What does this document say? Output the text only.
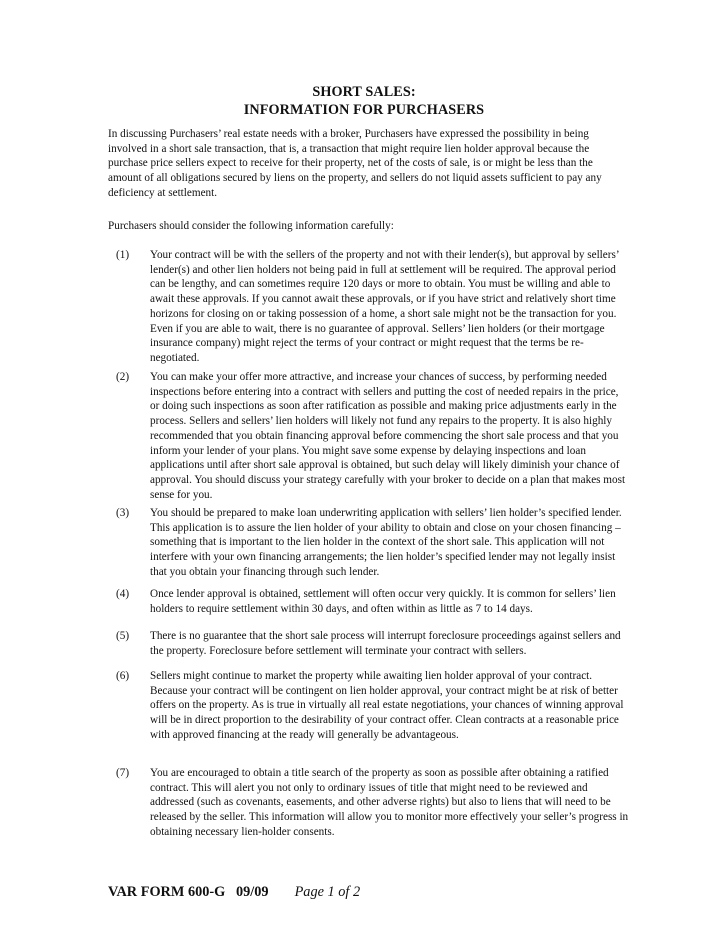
SHORT SALES:
INFORMATION FOR PURCHASERS

In discussing Purchasers’ real estate needs with a broker, Purchasers have expressed the possibility in being involved in a short sale transaction, that is, a transaction that might require lien holder approval because the purchase price sellers expect to receive for their property, net of the costs of sale, is or might be less than the amount of all obligations secured by liens on the property, and sellers do not liquid assets sufficient to pay any deficiency at settlement.

Purchasers should consider the following information carefully:

(1) Your contract will be with the sellers of the property and not with their lender(s), but approval by sellers’ lender(s) and other lien holders not being paid in full at settlement will be required. The approval period can be lengthy, and can sometimes require 120 days or more to obtain. You must be willing and able to await these approvals. If you cannot await these approvals, or if you have strict and relatively short time horizons for closing on or taking possession of a home, a short sale might not be the transaction for you. Even if you are able to wait, there is no guarantee of approval. Sellers’ lien holders (or their mortgage insurance company) might reject the terms of your contract or might request that the terms be re-negotiated.

(2) You can make your offer more attractive, and increase your chances of success, by performing needed inspections before entering into a contract with sellers and putting the cost of needed repairs in the price, or doing such inspections as soon after ratification as possible and making price adjustments early in the process. Sellers and sellers’ lien holders will likely not fund any repairs to the property. It is also highly recommended that you obtain financing approval before commencing the short sale process and that you inform your lender of your plans. You might save some expense by delaying inspections and loan applications until after short sale approval is obtained, but such delay will likely diminish your chance of approval. You should discuss your strategy carefully with your broker to decide on a plan that makes most sense for you.

(3) You should be prepared to make loan underwriting application with sellers’ lien holder’s specified lender. This application is to assure the lien holder of your ability to obtain and close on your chosen financing – something that is important to the lien holder in the context of the short sale. This application will not interfere with your own financing arrangements; the lien holder’s specified lender may not legally insist that you obtain your financing through such lender.

(4) Once lender approval is obtained, settlement will often occur very quickly. It is common for sellers’ lien holders to require settlement within 30 days, and often within as little as 7 to 14 days.

(5) There is no guarantee that the short sale process will interrupt foreclosure proceedings against sellers and the property. Foreclosure before settlement will terminate your contract with sellers.

(6) Sellers might continue to market the property while awaiting lien holder approval of your contract. Because your contract will be contingent on lien holder approval, your contract might be at risk of better offers on the property. As is true in virtually all real estate negotiations, your chances of winning approval will be in direct proportion to the desirability of your contract offer. Clean contracts at a reasonable price with approved financing at the ready will generally be advantageous.

(7) You are encouraged to obtain a title search of the property as soon as possible after obtaining a ratified contract. This will alert you not only to ordinary issues of title that might need to be reviewed and addressed (such as covenants, easements, and other adverse rights) but also to liens that will need to be released by the seller. This information will allow you to monitor more effectively your seller’s progress in obtaining necessary lien-holder consents.

VAR FORM 600-G   09/09 Page 1 of 2
